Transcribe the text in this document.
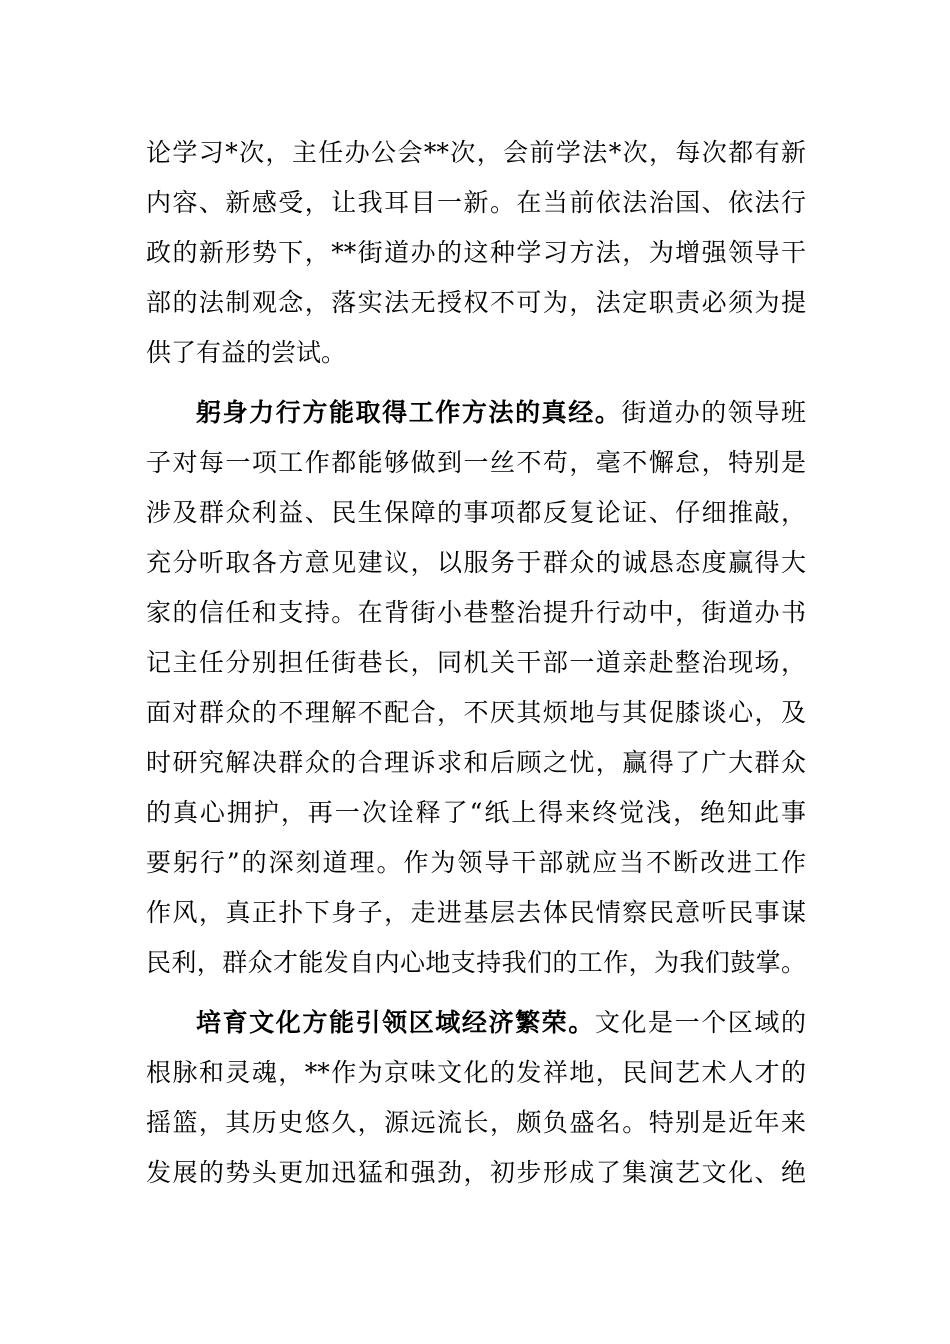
论学习*次，主任办公会**次，会前学法*次，每次都有新
内容、新感受，让我耳目一新。在当前依法治国、依法行
政的新形势下，**街道办的这种学习方法，为增强领导干
部的法制观念，落实法无授权不可为，法定职责必须为提
供了有益的尝试。
躬身力行方能取得工作方法的真经。街道办的领导班
子对每一项工作都能够做到一丝不苟，毫不懈怠，特别是
涉及群众利益、民生保障的事项都反复论证、仔细推敲，
充分听取各方意见建议，以服务于群众的诚恳态度赢得大
家的信任和支持。在背街小巷整治提升行动中，街道办书
记主任分别担任街巷长，同机关干部一道亲赴整治现场，
面对群众的不理解不配合，不厌其烦地与其促膝谈心，及
时研究解决群众的合理诉求和后顾之忧，赢得了广大群众
的真心拥护，再一次诠释了“纸上得来终觉浅，绝知此事
要躬行”的深刻道理。作为领导干部就应当不断改进工作
作风，真正扑下身子，走进基层去体民情察民意听民事谋
民利，群众才能发自内心地支持我们的工作，为我们鼓掌。
培育文化方能引领区域经济繁荣。文化是一个区域的
根脉和灵魂，**作为京味文化的发祥地，民间艺术人才的
摇篮，其历史悠久，源远流长，颇负盛名。特别是近年来
发展的势头更加迅猛和强劲，初步形成了集演艺文化、绝
